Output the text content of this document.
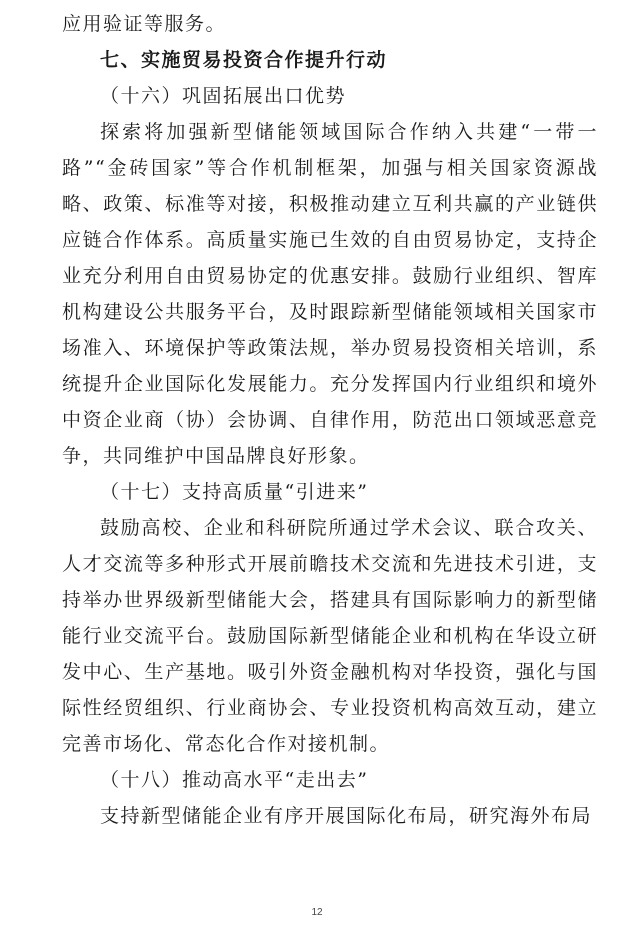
应用验证等服务。

七、实施贸易投资合作提升行动

（十六）巩固拓展出口优势

探索将加强新型储能领域国际合作纳入共建“一带一路”“金砖国家”等合作机制框架，加强与相关国家资源战略、政策、标准等对接，积极推动建立互利共赢的产业链供应链合作体系。高质量实施已生效的自由贸易协定，支持企业充分利用自由贸易协定的优惠安排。鼓励行业组织、智库机构建设公共服务平台，及时跟踪新型储能领域相关国家市场准入、环境保护等政策法规，举办贸易投资相关培训，系统提升企业国际化发展能力。充分发挥国内行业组织和境外中资企业商（协）会协调、自律作用，防范出口领域恶意竞争，共同维护中国品牌良好形象。

（十七）支持高质量“引进来”

鼓励高校、企业和科研院所通过学术会议、联合攻关、人才交流等多种形式开展前瞻技术交流和先进技术引进，支持举办世界级新型储能大会，搭建具有国际影响力的新型储能行业交流平台。鼓励国际新型储能企业和机构在华设立研发中心、生产基地。吸引外资金融机构对华投资，强化与国际性经贸组织、行业商协会、专业投资机构高效互动，建立完善市场化、常态化合作对接机制。

（十八）推动高水平“走出去”

支持新型储能企业有序开展国际化布局，研究海外布局

12
